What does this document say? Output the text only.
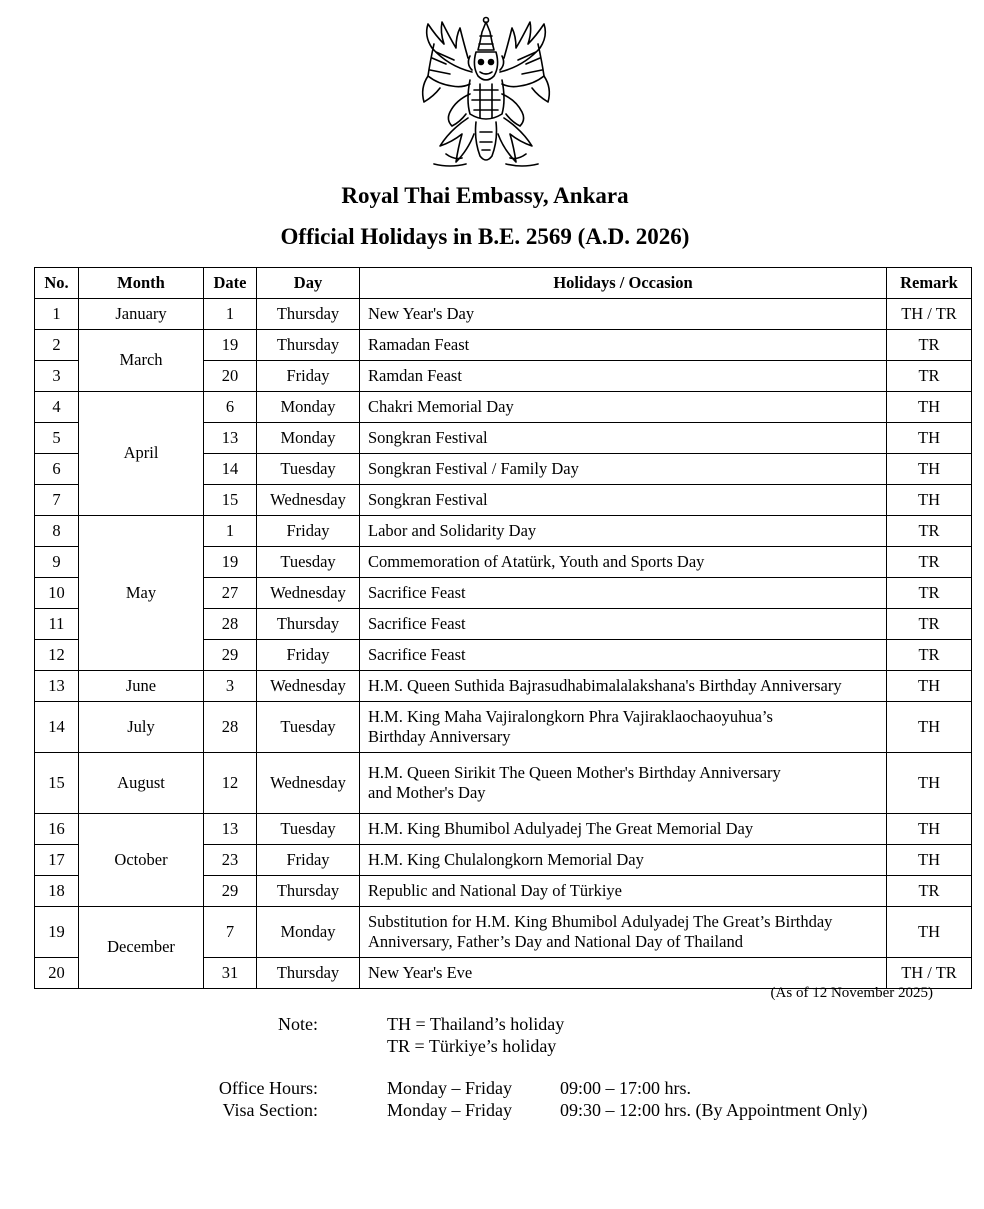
Royal Thai Embassy, Ankara
Official Holidays in B.E. 2569 (A.D. 2026)
No.	Month	Date	Day	Holidays / Occasion	Remark
1	January	1	Thursday	New Year's Day	TH / TR
2	March	19	Thursday	Ramadan Feast	TR
3		20	Friday	Ramdan Feast	TR
4	April	6	Monday	Chakri Memorial Day	TH
5		13	Monday	Songkran Festival	TH
6		14	Tuesday	Songkran Festival / Family Day	TH
7		15	Wednesday	Songkran Festival	TH
8	May	1	Friday	Labor and Solidarity Day	TR
9		19	Tuesday	Commemoration of Atatürk, Youth and Sports Day	TR
10		27	Wednesday	Sacrifice Feast	TR
11		28	Thursday	Sacrifice Feast	TR
12		29	Friday	Sacrifice Feast	TR
13	June	3	Wednesday	H.M. Queen Suthida Bajrasudhabimalalakshana's Birthday Anniversary	TH
14	July	28	Tuesday	H.M. King Maha Vajiralongkorn Phra Vajiraklaochaoyuhua’s
Birthday Anniversary	TH
15	August	12	Wednesday	H.M. Queen Sirikit The Queen Mother's Birthday Anniversary
and Mother's Day	TH
16	October	13	Tuesday	H.M. King Bhumibol Adulyadej The Great Memorial Day	TH
17		23	Friday	H.M. King Chulalongkorn Memorial Day	TH
18		29	Thursday	Republic and National Day of Türkiye	TR
19	December	7	Monday	Substitution for H.M. King Bhumibol Adulyadej The Great’s Birthday
Anniversary, Father’s Day and National Day of Thailand	TH
20		31	Thursday	New Year's Eve	TH / TR
(As of 12 November 2025)
Note:	TH = Thailand’s holiday
TR = Türkiye’s holiday
Office Hours:	Monday – Friday	09:00 – 17:00 hrs.
Visa Section:	Monday – Friday	09:30 – 12:00 hrs. (By Appointment Only)
